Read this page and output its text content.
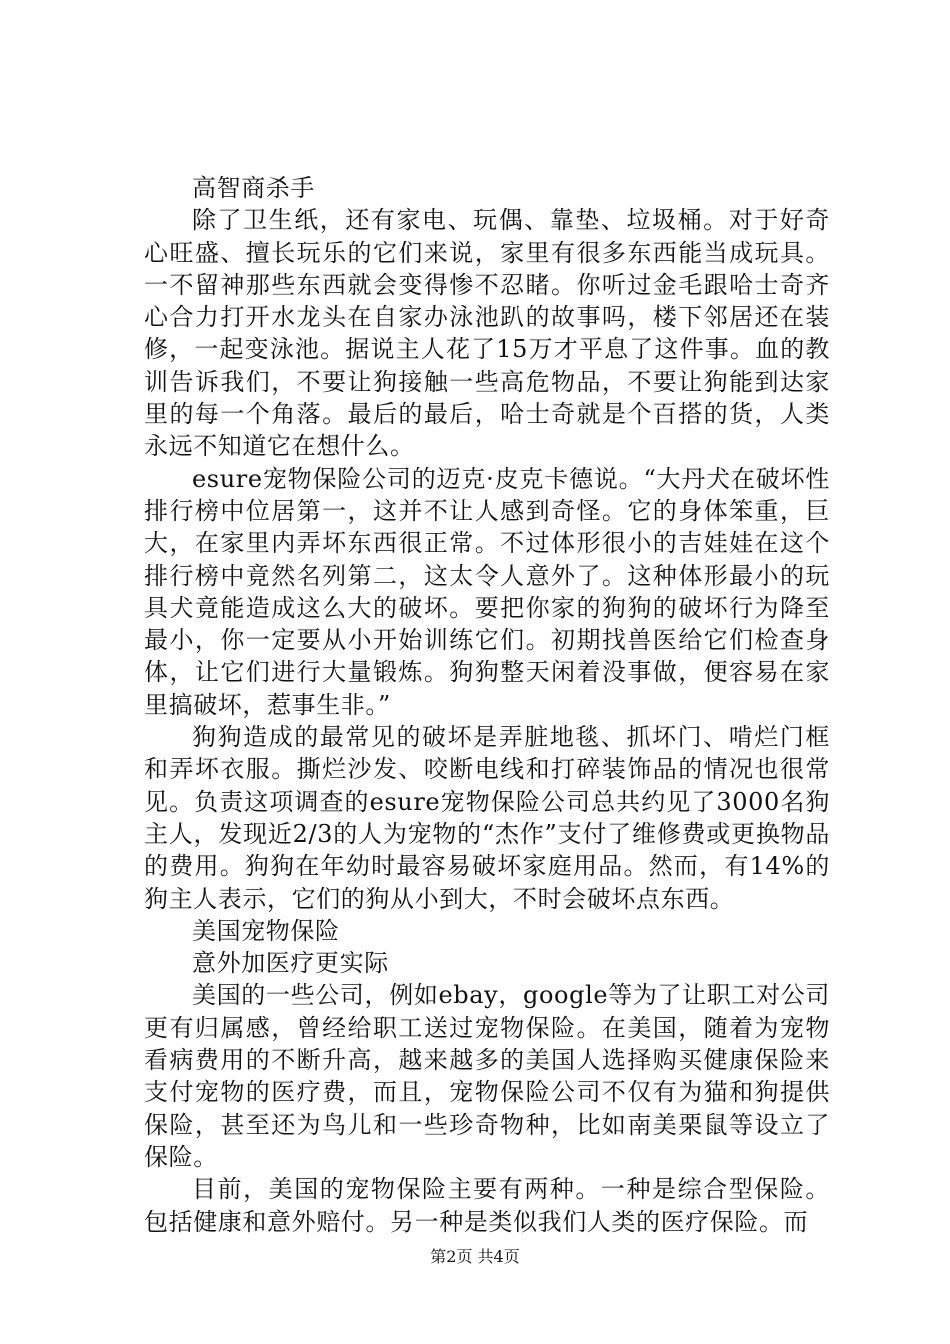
高智商杀手

除了卫生纸，还有家电、玩偶、靠垫、垃圾桶。对于好奇心旺盛、擅长玩乐的它们来说，家里有很多东西能当成玩具。一不留神那些东西就会变得惨不忍睹。你听过金毛跟哈士奇齐心合力打开水龙头在自家办泳池趴的故事吗，楼下邻居还在装修，一起变泳池。据说主人花了15万才平息了这件事。血的教训告诉我们，不要让狗接触一些高危物品，不要让狗能到达家里的每一个角落。最后的最后，哈士奇就是个百搭的货，人类永远不知道它在想什么。

esure宠物保险公司的迈克·皮克卡德说。“大丹犬在破坏性排行榜中位居第一，这并不让人感到奇怪。它的身体笨重，巨大，在家里内弄坏东西很正常。不过体形很小的吉娃娃在这个排行榜中竟然名列第二，这太令人意外了。这种体形最小的玩具犬竟能造成这么大的破坏。要把你家的狗狗的破坏行为降至最小，你一定要从小开始训练它们。初期找兽医给它们检查身体，让它们进行大量锻炼。狗狗整天闲着没事做，便容易在家里搞破坏，惹事生非。”

狗狗造成的最常见的破坏是弄脏地毯、抓坏门、啃烂门框和弄坏衣服。撕烂沙发、咬断电线和打碎装饰品的情况也很常见。负责这项调查的esure宠物保险公司总共约见了3000名狗主人，发现近2/3的人为宠物的“杰作”支付了维修费或更换物品的费用。狗狗在年幼时最容易破坏家庭用品。然而，有14%的狗主人表示，它们的狗从小到大，不时会破坏点东西。

美国宠物保险

意外加医疗更实际

美国的一些公司，例如ebay，google等为了让职工对公司更有归属感，曾经给职工送过宠物保险。在美国，随着为宠物看病费用的不断升高，越来越多的美国人选择购买健康保险来支付宠物的医疗费，而且，宠物保险公司不仅有为猫和狗提供保险，甚至还为鸟儿和一些珍奇物种，比如南美栗鼠等设立了保险。

目前，美国的宠物保险主要有两种。一种是综合型保险。包括健康和意外赔付。另一种是类似我们人类的医疗保险。而

第2页 共4页
